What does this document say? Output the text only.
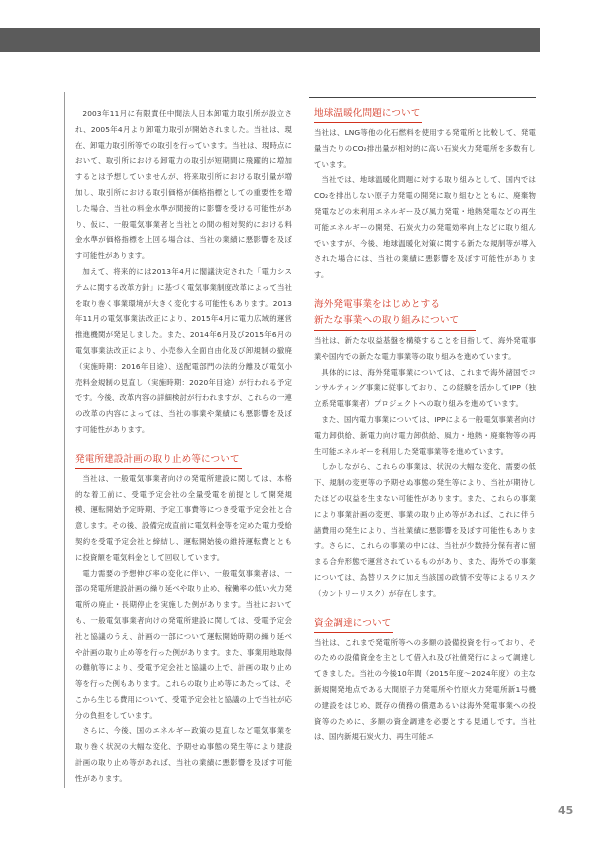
2003年11月に有限責任中間法人日本卸電力取引所が設立され、2005年4月より卸電力取引が開始されました。当社は、現在、卸電力取引所等での取引を行っています。当社は、現時点において、取引所における卸電力の取引が短期間に飛躍的に増加するとは予想していませんが、将来取引所における取引量が増加し、取引所における取引価格が価格指標としての重要性を増した場合、当社の料金水準が間接的に影響を受ける可能性があり、仮に、一般電気事業者と当社との間の相対契約における料金水準が価格指標を上回る場合は、当社の業績に悪影響を及ぼす可能性があります。

加えて、将来的には2013年4月に閣議決定された「電力システムに関する改革方針」に基づく電気事業制度改革によって当社を取り巻く事業環境が大きく変化する可能性もあります。2013年11月の電気事業法改正により、2015年4月に電力広域的運営推進機関が発足しました。また、2014年6月及び2015年6月の電気事業法改正により、小売参入全面自由化及び卸規制の撤廃（実施時期：2016年目途）、送配電部門の法的分離及び電気小売料金規制の見直し（実施時期：2020年目途）が行われる予定です。今後、改革内容の詳細検討が行われますが、これらの一連の改革の内容によっては、当社の事業や業績にも悪影響を及ぼす可能性があります。

発電所建設計画の取り止め等について

当社は、一般電気事業者向けの発電所建設に関しては、本格的な着工前に、受電予定会社の全量受電を前提として開発規模、運転開始予定時期、予定工事費等につき受電予定会社と合意します。その後、設備完成直前に電気料金等を定めた電力受給契約を受電予定会社と締結し、運転開始後の維持運転費とともに投資額を電気料金として回収しています。

電力需要の予想伸び率の変化に伴い、一般電気事業者は、一部の発電所建設計画の繰り延べや取り止め、稼働率の低い火力発電所の廃止・長期停止を実施した例があります。当社においても、一般電気事業者向けの発電所建設に関しては、受電予定会社と協議のうえ、計画の一部について運転開始時期の繰り延べや計画の取り止め等を行った例があります。また、事業用地取得の難航等により、受電予定会社と協議の上で、計画の取り止め等を行った例もあります。これらの取り止め等にあたっては、そこから生じる費用について、受電予定会社と協議の上で当社が応分の負担をしています。

さらに、今後、国のエネルギー政策の見直しなど電気事業を取り巻く状況の大幅な変化、予期せぬ事態の発生等により建設計画の取り止め等があれば、当社の業績に悪影響を及ぼす可能性があります。

地球温暖化問題について

当社は、LNG等他の化石燃料を使用する発電所と比較して、発電量当たりのCO₂排出量が相対的に高い石炭火力発電所を多数有しています。

当社では、地球温暖化問題に対する取り組みとして、国内ではCO₂を排出しない原子力発電の開発に取り組むとともに、廃棄物発電などの未利用エネルギー及び風力発電・地熱発電などの再生可能エネルギーの開発、石炭火力の発電効率向上などに取り組んでいますが、今後、地球温暖化対策に関する新たな規制等が導入された場合には、当社の業績に悪影響を及ぼす可能性があります。

海外発電事業をはじめとする
新たな事業への取り組みについて

当社は、新たな収益基盤を構築することを目指して、海外発電事業や国内での新たな電力事業等の取り組みを進めています。

具体的には、海外発電事業については、これまで海外諸国でコンサルティング事業に従事しており、この経験を活かしてIPP（独立系発電事業者）プロジェクトへの取り組みを進めています。

また、国内電力事業については、IPPによる一般電気事業者向け電力卸供給、新電力向け電力卸供給、風力・地熱・廃棄物等の再生可能エネルギーを利用した発電事業等を進めています。

しかしながら、これらの事業は、状況の大幅な変化、需要の低下、規制の変更等の予期せぬ事態の発生等により、当社が期待したほどの収益を生まない可能性があります。また、これらの事業により事業計画の変更、事業の取り止め等があれば、これに伴う諸費用の発生により、当社業績に悪影響を及ぼす可能性もあります。さらに、これらの事業の中には、当社が少数持分保有者に留まる合弁形態で運営されているものがあり、また、海外での事業については、為替リスクに加え当該国の政情不安等によるリスク（カントリーリスク）が存在します。

資金調達について

当社は、これまで発電所等への多額の設備投資を行っており、そのための設備資金を主として借入れ及び社債発行によって調達してきました。当社の今後10年間（2015年度～2024年度）の主な新規開発地点である大間原子力発電所や竹原火力発電所新1号機の建設をはじめ、既存の債務の償還あるいは海外発電事業への投資等のために、多額の資金調達を必要とする見通しです。当社は、国内新規石炭火力、再生可能エ

45
